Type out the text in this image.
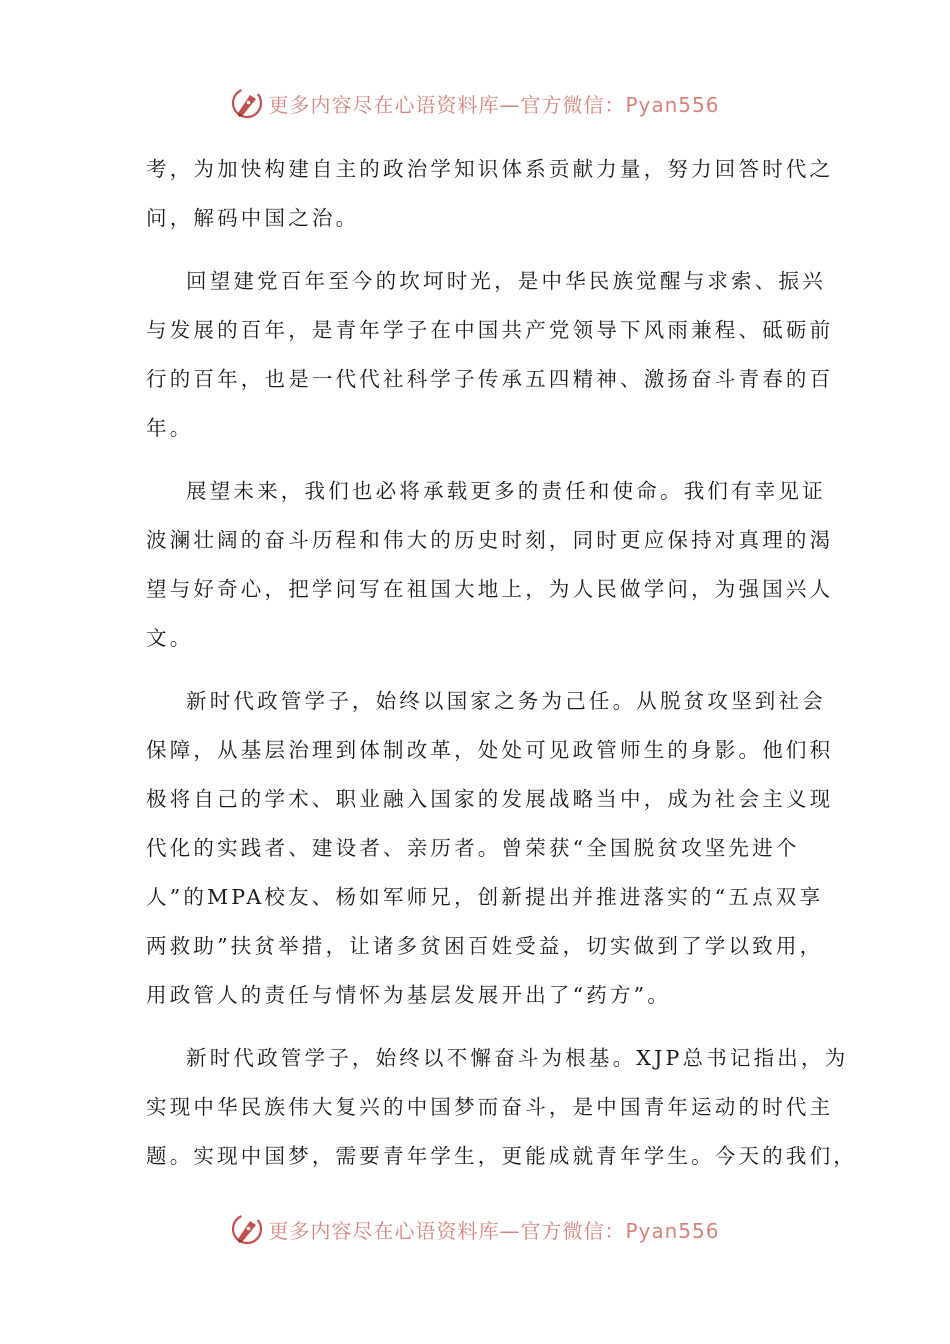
更多内容尽在心语资料库—官方微信：Pyan556
考，为加快构建自主的政治学知识体系贡献力量，努力回答时代之
问，解码中国之治。
回望建党百年至今的坎坷时光，是中华民族觉醒与求索、振兴
与发展的百年，是青年学子在中国共产党领导下风雨兼程、砥砺前
行的百年，也是一代代社科学子传承五四精神、激扬奋斗青春的百
年。
展望未来，我们也必将承载更多的责任和使命。我们有幸见证
波澜壮阔的奋斗历程和伟大的历史时刻，同时更应保持对真理的渴
望与好奇心，把学问写在祖国大地上，为人民做学问，为强国兴人
文。
新时代政管学子，始终以国家之务为己任。从脱贫攻坚到社会
保障，从基层治理到体制改革，处处可见政管师生的身影。他们积
极将自己的学术、职业融入国家的发展战略当中，成为社会主义现
代化的实践者、建设者、亲历者。曾荣获“全国脱贫攻坚先进个
人”的MPA校友、杨如军师兄，创新提出并推进落实的“五点双享
两救助”扶贫举措，让诸多贫困百姓受益，切实做到了学以致用，
用政管人的责任与情怀为基层发展开出了“药方”。
新时代政管学子，始终以不懈奋斗为根基。XJP总书记指出，为
实现中华民族伟大复兴的中国梦而奋斗，是中国青年运动的时代主
题。实现中国梦，需要青年学生，更能成就青年学生。今天的我们，
更多内容尽在心语资料库—官方微信：Pyan556
